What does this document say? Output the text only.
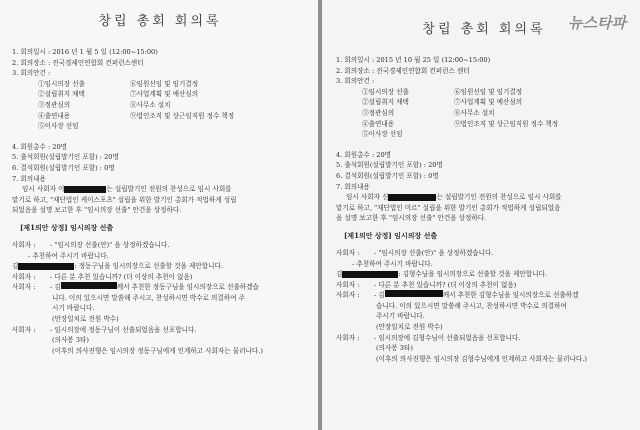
창립 총회 회의록
1. 회의일시 : 2016 년 1 월 5 일 (12:00~15:00)
2. 회의장소 : 전국경제인연합회 컨퍼런스센터
3. 회의안건 :
①임시의장 선출	⑥임원선임 및 임기결정
②설립취지 채택	⑦사업계획 및 예산심의
③정관심의	⑧사무소 설치
④출연내용	⑨법인조직 및 상근임직원 정수 책정
⑤이사장 선임
4. 회원총수 : 20명
5. 출석회원(설립발기인 포함) : 20명
6. 결석회원(설립발기인 포함) : 0명
7. 회의내용
임시 사회자 이	는 설립발기인 전원의 찬성으로 임시 사회를
맡기로 하고, "재단법인 케이스포츠" 설립을 위한 발기인 총회가 적법하게 성립
되었음을 설명 보고한 후 "임시의장 선출" 안건을 상정하다.
[제1의안 상정] 임시의장 선출
사회자 :	- "임시의장 선출(안)" 을 상정하겠습니다.
- 추천하여 주시기 바랍니다.
김	: 정동구님을 임시의장으로 선출할 것을 제안합니다.
사회자 :	- 다른 분 추천 있습니까? (더 이상의 추천이 없음)
사회자 :	- 김	께서 추천한 정동구님을 임시의장으로 선출하겠습
니다. 이의 있으시면 말씀해 주시고, 찬성하시면 박수로 의결하여 주
시기 바랍니다.
(만장일치로 전원 박수)
사회자 :	- 임시의장에 정동구님이 선출되었음을 선포합니다.
(의사봉 3타)
(이후의 의사진행은 임시의장 정동구님에게 인계하고 사회자는 물러나다.)
뉴스타파
창립 총회 회의록
1. 회의일시 : 2015 년 10 월 25 일 (12:00~15:00)
2. 회의장소 : 전국경제인연합회 컨퍼런스 센터
3. 회의안건 :
①임시의장 선출	⑥임원선임 및 임기결정
②설립취지 채택	⑦사업계획 및 예산심의
③정관심의	⑧사무소 설치
④출연내용	⑨법인조직 및 상근임직원 정수 책정
⑤이사장 선임
4. 회원총수 : 20명
5. 출석회원(설립발기인 포함) : 20명
6. 결석회원(설립발기인 포함) : 0명
7. 회의내용
임시 사회자 신	는 설립발기인 전원의 찬성으로 임시 사회를
맡기로 하고, "재단법인 미르" 설립을 위한 발기인 총회가 적법하게 성립되었음
을 설명 보고한 후 "임시의장 선출" 안건을 상정하다.
[제1의안 상정] 임시의장 선출
사회자 :	- "임시의장 선출(안)" 을 상정하겠습니다.
- 추천하여 주시기 바랍니다.
김	: 김형수님을 임시의장으로 선출할 것을 제안합니다.
사회자 :	- 다른 분 추천 있습니까? (더 이상의 추천이 없음)
사회자 :	- 김	께서 추천한 김형수님을 임시의장으로 선출하겠
습니다. 이의 있으시면 말씀해 주시고, 찬성하시면 박수로 의결하여
주시기 바랍니다.
(만장일치로 전원 박수)
사회자 :	- 임시의장에 김형수님이 선출되었음을 선포합니다.
(의사봉 3타)
(이후의 의사진행은 임시의장 김형수님에게 인계하고 사회자는 물러나다.)
